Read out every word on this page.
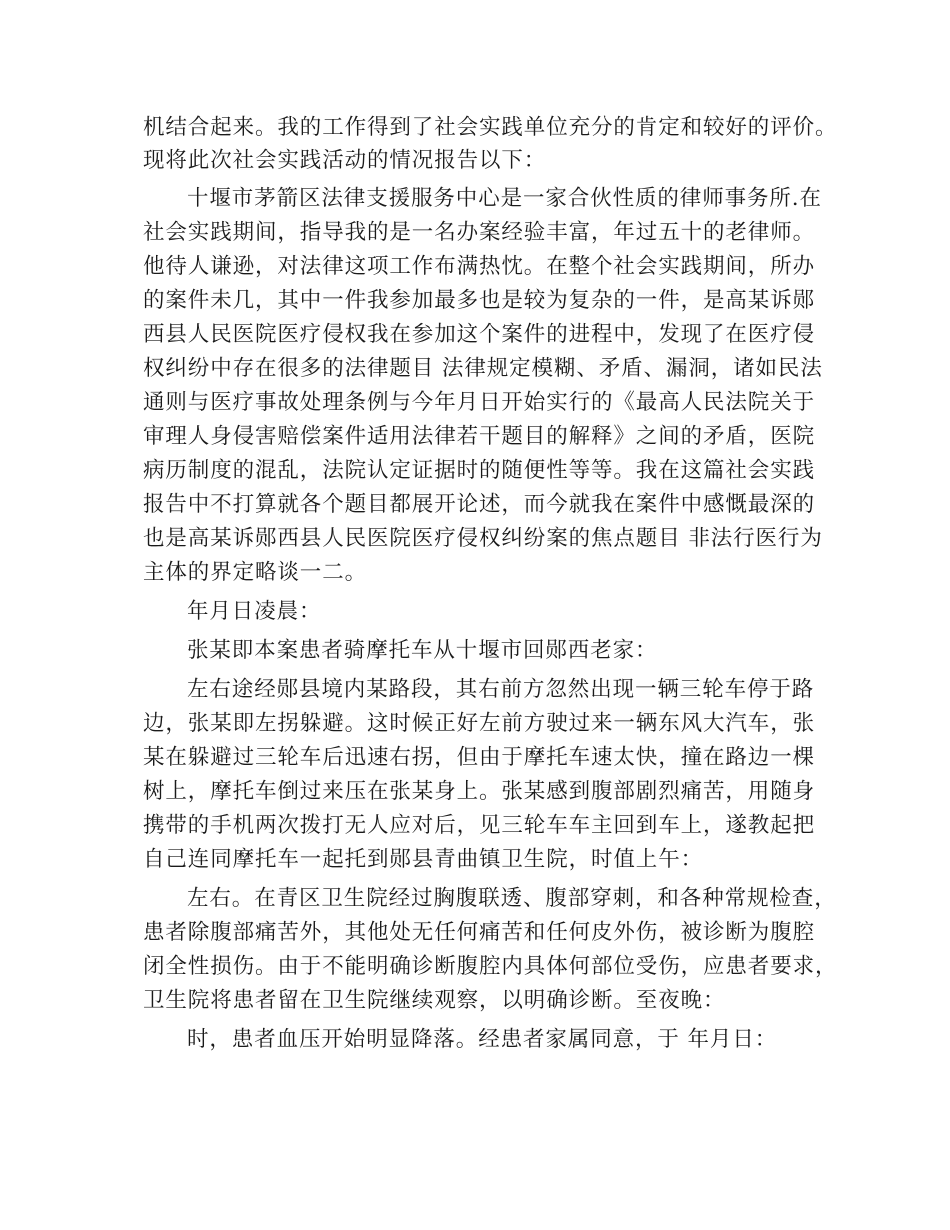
机结合起来。我的工作得到了社会实践单位充分的肯定和较好的评价。
现将此次社会实践活动的情况报告以下：
十堰市茅箭区法律支援服务中心是一家合伙性质的律师事务所.在
社会实践期间，指导我的是一名办案经验丰富，年过五十的老律师。
他待人谦逊，对法律这项工作布满热忱。在整个社会实践期间，所办
的案件未几，其中一件我参加最多也是较为复杂的一件，是高某诉郧
西县人民医院医疗侵权我在参加这个案件的进程中，发现了在医疗侵
权纠纷中存在很多的法律题目 法律规定模糊、矛盾、漏洞，诸如民法
通则与医疗事故处理条例与今年月日开始实行的《最高人民法院关于
审理人身侵害赔偿案件适用法律若干题目的解释》之间的矛盾，医院
病历制度的混乱，法院认定证据时的随便性等等。我在这篇社会实践
报告中不打算就各个题目都展开论述，而今就我在案件中感慨最深的
也是高某诉郧西县人民医院医疗侵权纠纷案的焦点题目 非法行医行为
主体的界定略谈一二。
年月日凌晨：
张某即本案患者骑摩托车从十堰市回郧西老家：
左右途经郧县境内某路段，其右前方忽然出现一辆三轮车停于路
边，张某即左拐躲避。这时候正好左前方驶过来一辆东风大汽车，张
某在躲避过三轮车后迅速右拐，但由于摩托车速太快，撞在路边一棵
树上，摩托车倒过来压在张某身上。张某感到腹部剧烈痛苦，用随身
携带的手机两次拨打无人应对后，见三轮车车主回到车上，遂教起把
自己连同摩托车一起托到郧县青曲镇卫生院，时值上午：
左右。在青区卫生院经过胸腹联透、腹部穿刺，和各种常规检查，
患者除腹部痛苦外，其他处无任何痛苦和任何皮外伤，被诊断为腹腔
闭全性损伤。由于不能明确诊断腹腔内具体何部位受伤，应患者要求，
卫生院将患者留在卫生院继续观察，以明确诊断。至夜晚：
时，患者血压开始明显降落。经患者家属同意，于 年月日：
